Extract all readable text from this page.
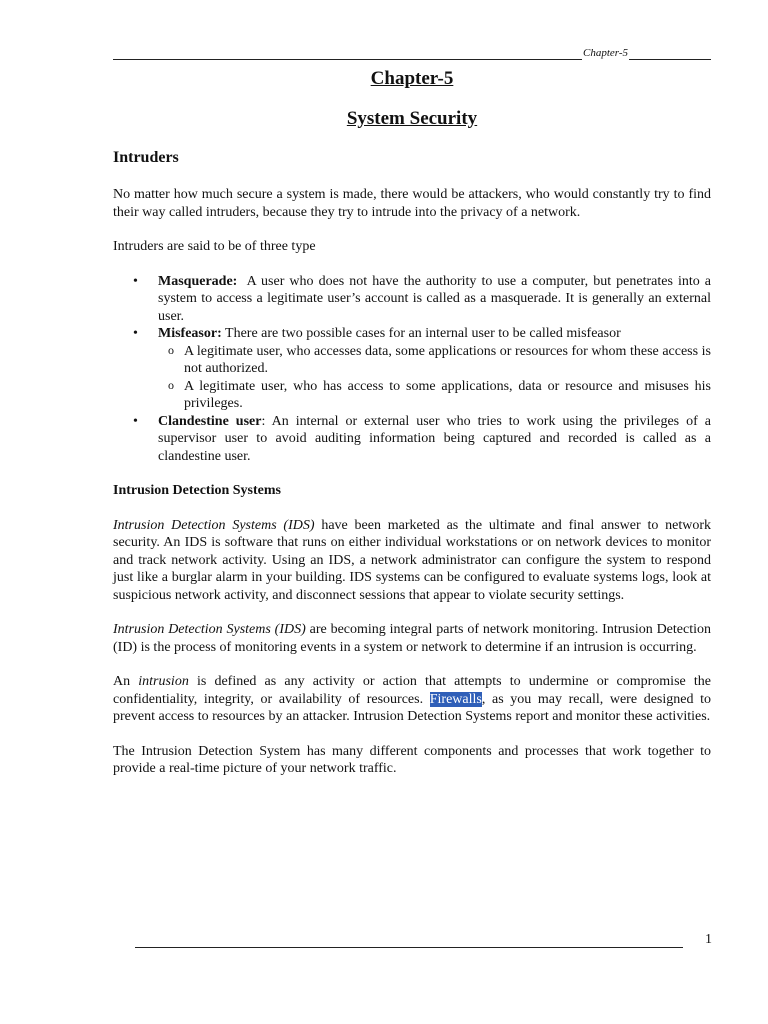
Chapter-5
Chapter-5
System Security
Intruders

No matter how much secure a system is made, there would be attackers, who would constantly try to find their way called intruders, because they try to intrude into the privacy of a network.

Intruders are said to be of three type

• Masquerade:  A user who does not have the authority to use a computer, but penetrates into a system to access a legitimate user’s account is called as a masquerade. It is generally an external user.
• Misfeasor: There are two possible cases for an internal user to be called misfeasor
o A legitimate user, who accesses data, some applications or resources for whom these access is not authorized.
o A legitimate user, who has access to some applications, data or resource and misuses his privileges.
• Clandestine user: An internal or external user who tries to work using the privileges of a supervisor user to avoid auditing information being captured and recorded is called as a clandestine user.

Intrusion Detection Systems

Intrusion Detection Systems (IDS) have been marketed as the ultimate and final answer to network security. An IDS is software that runs on either individual workstations or on network devices to monitor and track network activity. Using an IDS, a network administrator can configure the system to respond just like a burglar alarm in your building. IDS systems can be configured to evaluate systems logs, look at suspicious network activity, and disconnect sessions that appear to violate security settings.

Intrusion Detection Systems (IDS) are becoming integral parts of network monitoring. Intrusion Detection (ID) is the process of monitoring events in a system or network to determine if an intrusion is occurring.

An intrusion is defined as any activity or action that attempts to undermine or compromise the confidentiality, integrity, or availability of resources. Firewalls, as you may recall, were designed to prevent access to resources by an attacker. Intrusion Detection Systems report and monitor these activities.

The Intrusion Detection System has many different components and processes that work together to provide a real-time picture of your network traffic.

1
